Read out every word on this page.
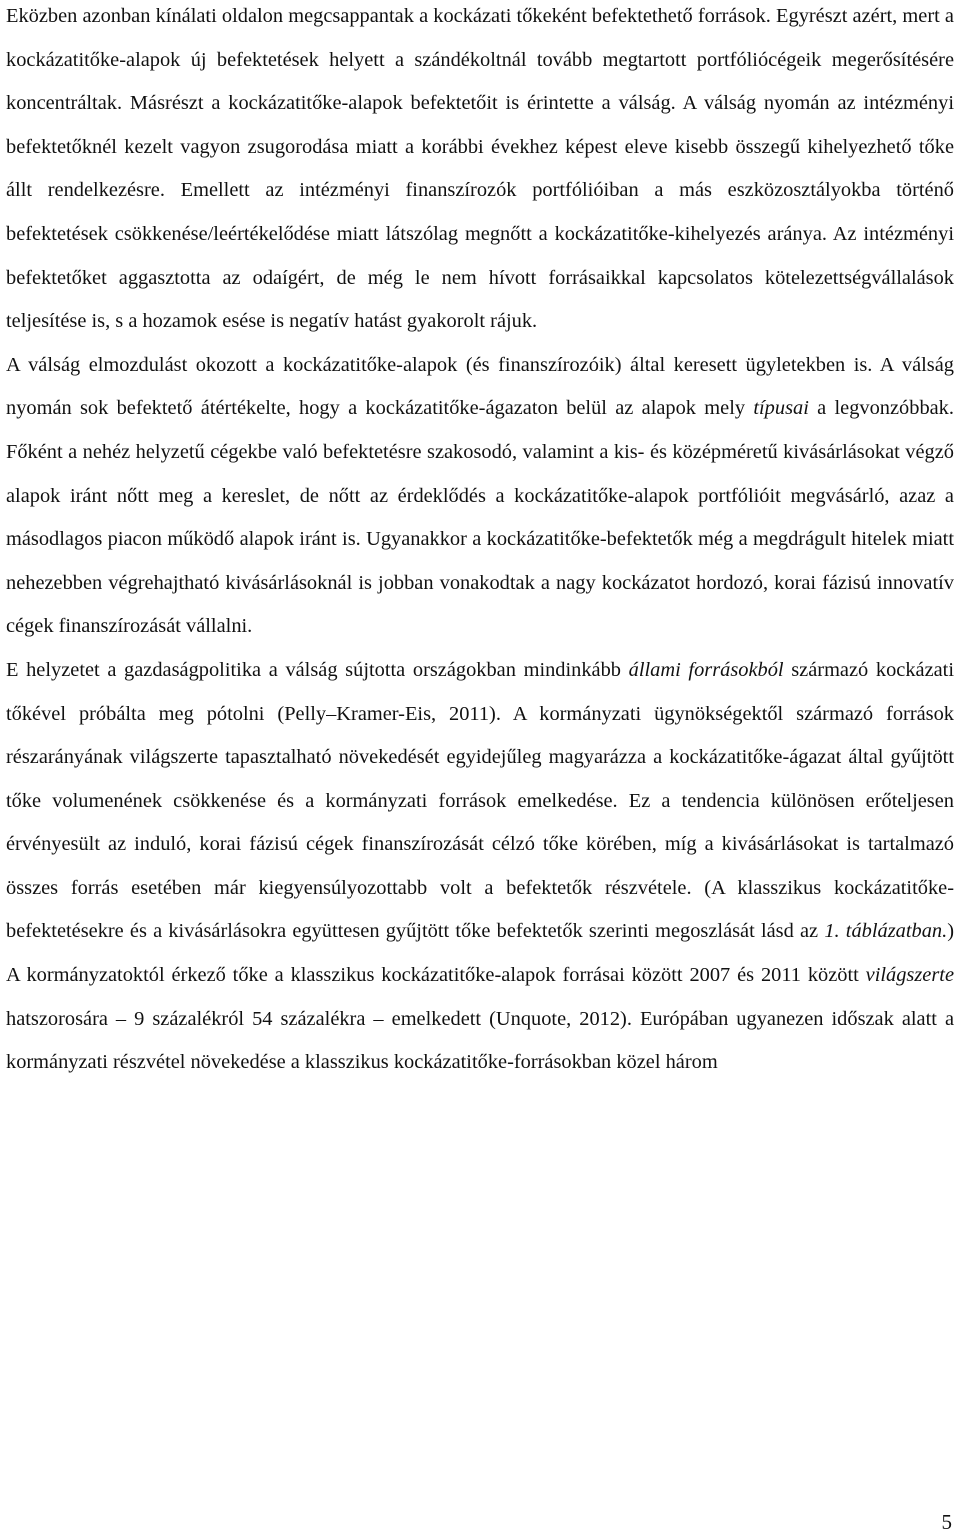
Eközben azonban kínálati oldalon megcsappantak a kockázati tőkeként befektethető források. Egyrészt azért, mert a kockázatitőke-alapok új befektetések helyett a szándékoltnál tovább megtartott portfóliócégeik megerősítésére koncentráltak. Másrészt a kockázatitőke-alapok befektetőit is érintette a válság. A válság nyomán az intézményi befektetőknél kezelt vagyon zsugorodása miatt a korábbi évekhez képest eleve kisebb összegű kihelyezhető tőke állt rendelkezésre. Emellett az intézményi finanszírozók portfólióiban a más eszközosztályokba történő befektetések csökkenése/leértékelődése miatt látszólag megnőtt a kockázatitőke-kihelyezés aránya. Az intézményi befektetőket aggasztotta az odaígért, de még le nem hívott forrásaikkal kapcsolatos kötelezettségvállalások teljesítése is, s a hozamok esése is negatív hatást gyakorolt rájuk.

A válság elmozdulást okozott a kockázatitőke-alapok (és finanszírozóik) által keresett ügyletekben is. A válság nyomán sok befektető átértékelte, hogy a kockázatitőke-ágazaton belül az alapok mely típusai a legvonzóbbak. Főként a nehéz helyzetű cégekbe való befektetésre szakosodó, valamint a kis- és középméretű kivásárlásokat végző alapok iránt nőtt meg a kereslet, de nőtt az érdeklődés a kockázatitőke-alapok portfólióit megvásárló, azaz a másodlagos piacon működő alapok iránt is. Ugyanakkor a kockázatitőke-befektetők még a megdrágult hitelek miatt nehezebben végrehajtható kivásárlásoknál is jobban vonakodtak a nagy kockázatot hordozó, korai fázisú innovatív cégek finanszírozását vállalni.

E helyzetet a gazdaságpolitika a válság sújtotta országokban mindinkább állami forrásokból származó kockázati tőkével próbálta meg pótolni (Pelly–Kramer-Eis, 2011). A kormányzati ügynökségektől származó források részarányának világszerte tapasztalható növekedését egyidejűleg magyarázza a kockázatitőke-ágazat által gyűjtött tőke volumenének csökkenése és a kormányzati források emelkedése. Ez a tendencia különösen erőteljesen érvényesült az induló, korai fázisú cégek finanszírozását célzó tőke körében, míg a kivásárlásokat is tartalmazó összes forrás esetében már kiegyensúlyozottabb volt a befektetők részvétele. (A klasszikus kockázatitőke-befektetésekre és a kivásárlásokra együttesen gyűjtött tőke befektetők szerinti megoszlását lásd az 1. táblázatban.) A kormányzatoktól érkező tőke a klasszikus kockázatitőke-alapok forrásai között 2007 és 2011 között világszerte hatszorosára – 9 százalékról 54 százalékra – emelkedett (Unquote, 2012). Európában ugyanezen időszak alatt a kormányzati részvétel növekedése a klasszikus kockázatitőke-forrásokban közel három

5
